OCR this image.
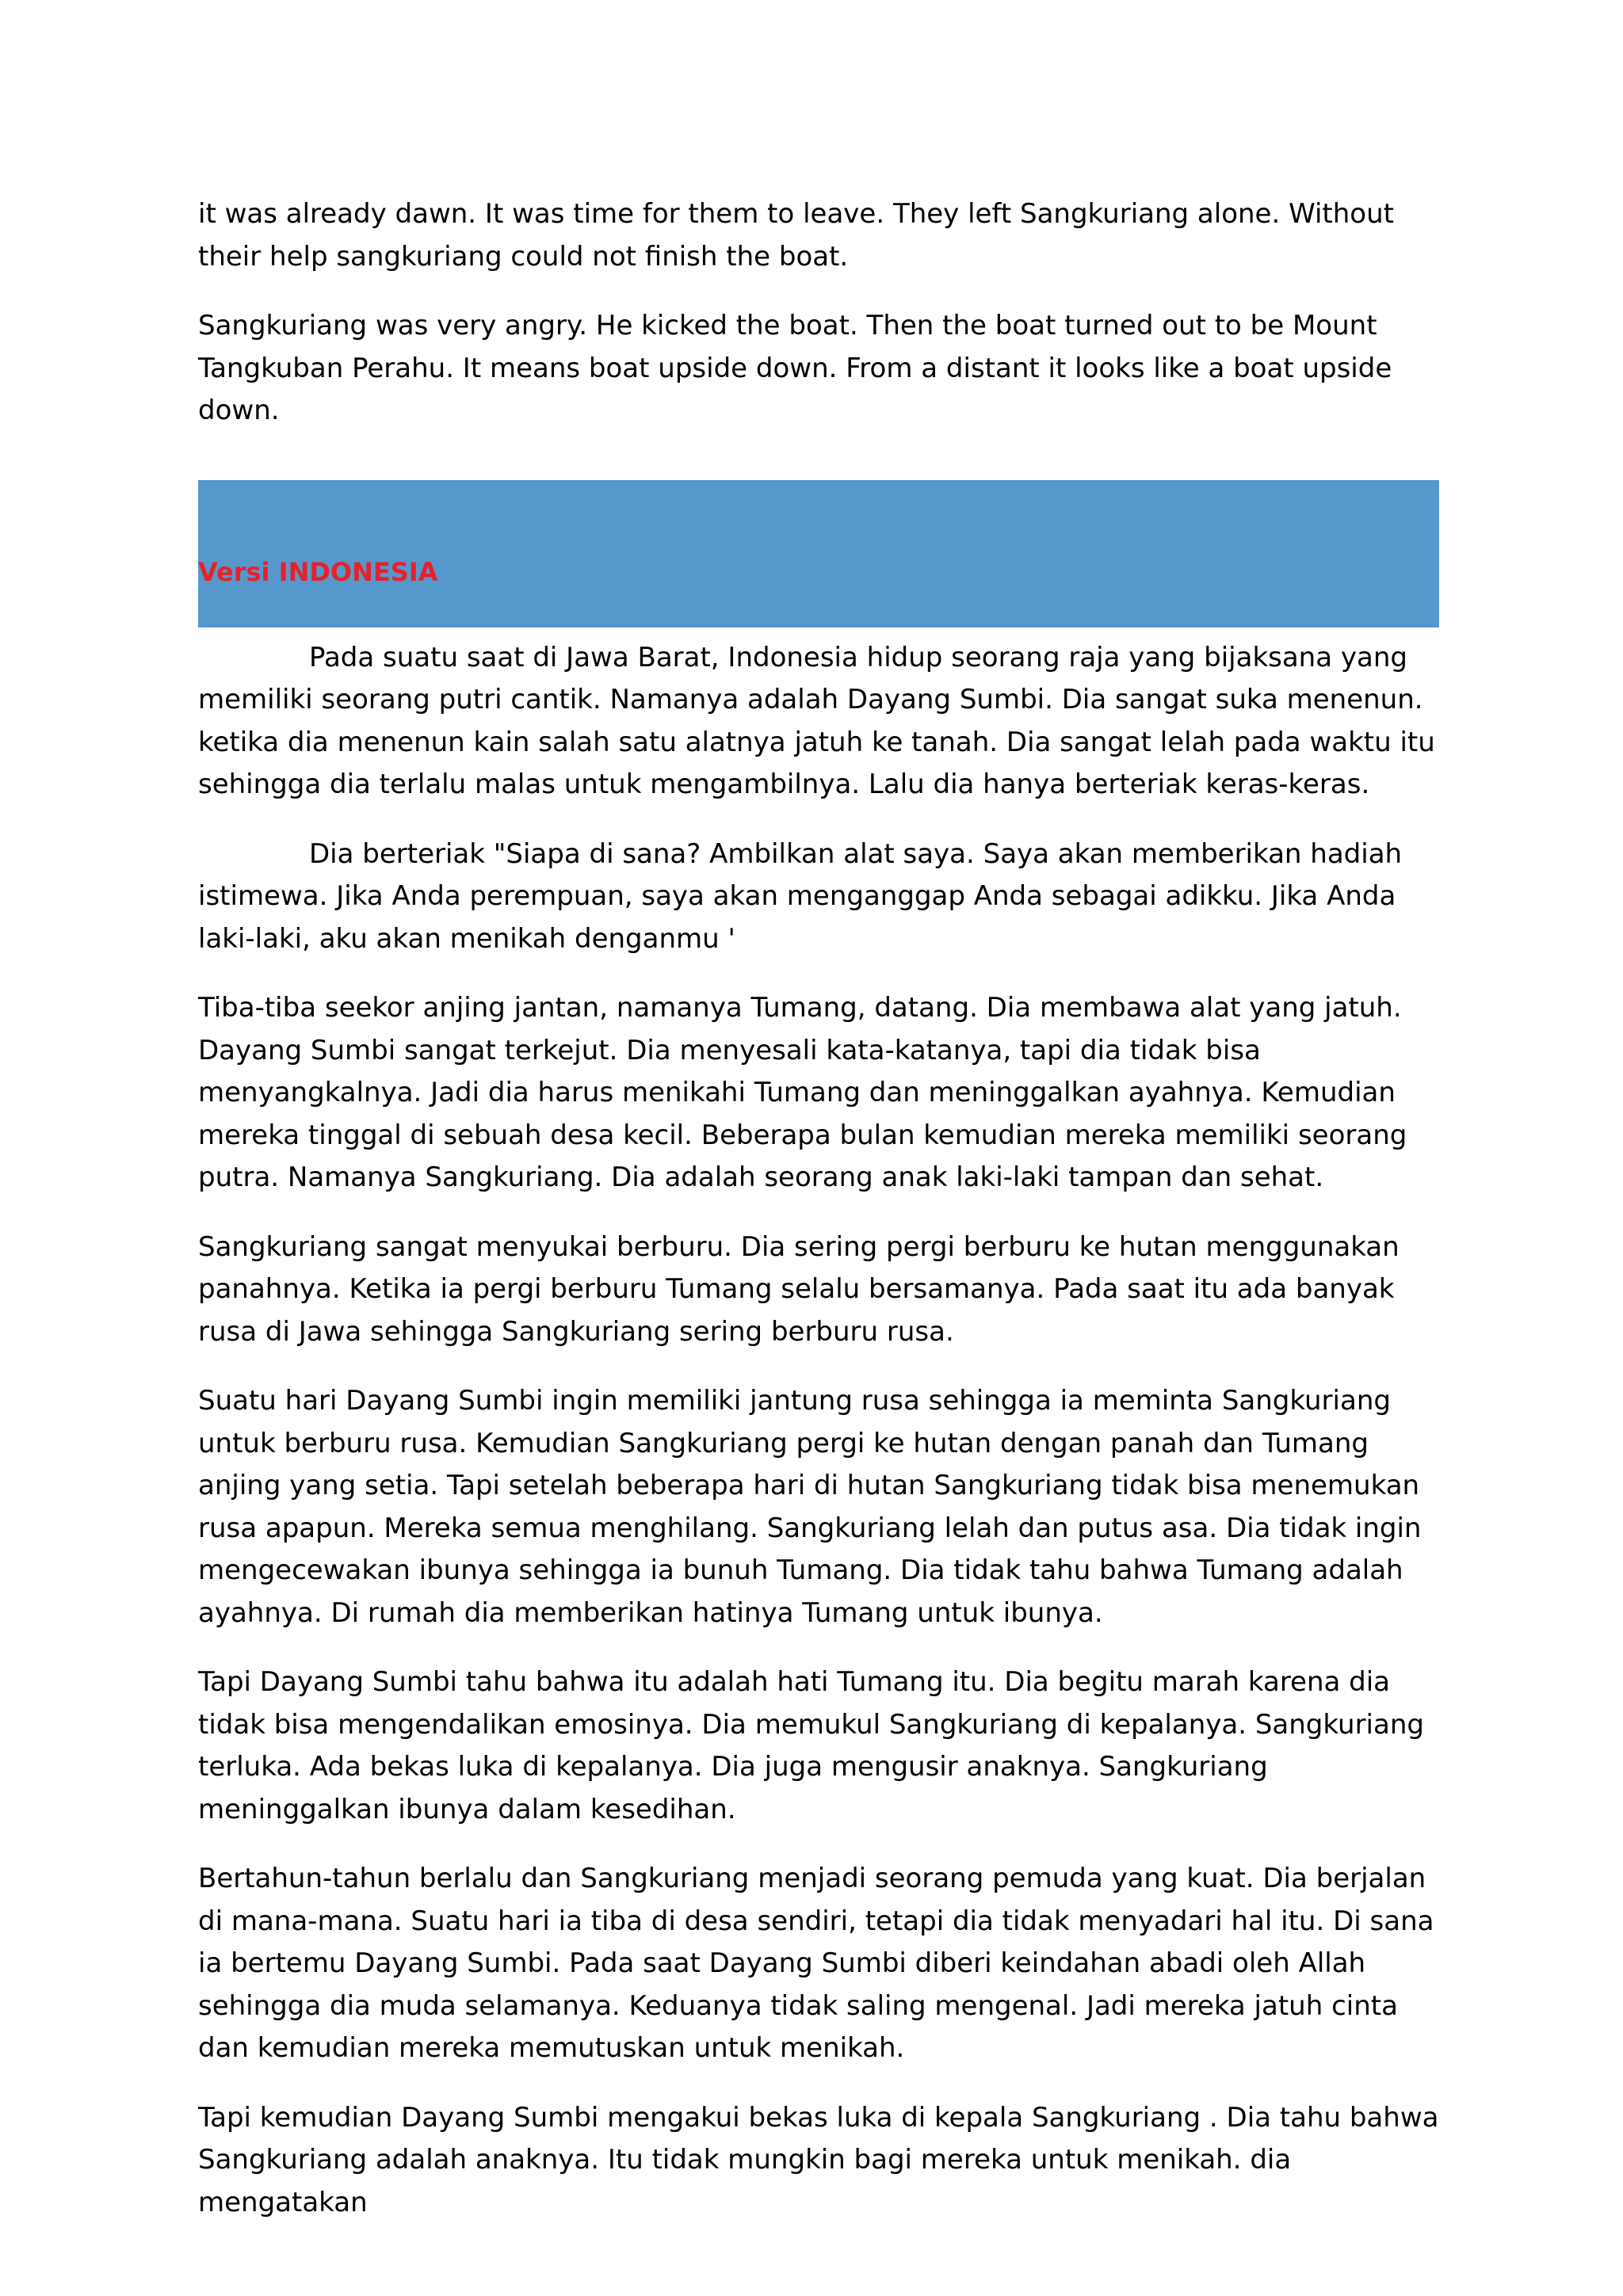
it was already dawn. It was time for them to leave. They left Sangkuriang alone. Without their help sangkuriang could not finish the boat.

Sangkuriang was very angry. He kicked the boat. Then the boat turned out to be Mount Tangkuban Perahu. It means boat upside down. From a distant it looks like a boat upside down.

Versi INDONESIA

Pada suatu saat di Jawa Barat, Indonesia hidup seorang raja yang bijaksana yang memiliki seorang putri cantik. Namanya adalah Dayang Sumbi. Dia sangat suka menenun. ketika dia menenun kain salah satu alatnya jatuh ke tanah. Dia sangat lelah pada waktu itu sehingga dia terlalu malas untuk mengambilnya. Lalu dia hanya berteriak keras-keras.

Dia berteriak "Siapa di sana? Ambilkan alat saya. Saya akan memberikan hadiah istimewa. Jika Anda perempuan, saya akan menganggap Anda sebagai adikku. Jika Anda laki-laki, aku akan menikah denganmu '

Tiba-tiba seekor anjing jantan, namanya Tumang, datang. Dia membawa alat yang jatuh. Dayang Sumbi sangat terkejut. Dia menyesali kata-katanya, tapi dia tidak bisa menyangkalnya. Jadi dia harus menikahi Tumang dan meninggalkan ayahnya. Kemudian mereka tinggal di sebuah desa kecil. Beberapa bulan kemudian mereka memiliki seorang putra. Namanya Sangkuriang. Dia adalah seorang anak laki-laki tampan dan sehat.

Sangkuriang sangat menyukai berburu. Dia sering pergi berburu ke hutan menggunakan panahnya. Ketika ia pergi berburu Tumang selalu bersamanya. Pada saat itu ada banyak rusa di Jawa sehingga Sangkuriang sering berburu rusa.

Suatu hari Dayang Sumbi ingin memiliki jantung rusa sehingga ia meminta Sangkuriang untuk berburu rusa. Kemudian Sangkuriang pergi ke hutan dengan panah dan Tumang anjing yang setia. Tapi setelah beberapa hari di hutan Sangkuriang tidak bisa menemukan rusa apapun. Mereka semua menghilang. Sangkuriang lelah dan putus asa. Dia tidak ingin mengecewakan ibunya sehingga ia bunuh Tumang. Dia tidak tahu bahwa Tumang adalah ayahnya. Di rumah dia memberikan hatinya Tumang untuk ibunya.

Tapi Dayang Sumbi tahu bahwa itu adalah hati Tumang itu. Dia begitu marah karena dia tidak bisa mengendalikan emosinya. Dia memukul Sangkuriang di kepalanya. Sangkuriang terluka. Ada bekas luka di kepalanya. Dia juga mengusir anaknya. Sangkuriang meninggalkan ibunya dalam kesedihan.

Bertahun-tahun berlalu dan Sangkuriang menjadi seorang pemuda yang kuat. Dia berjalan di mana-mana. Suatu hari ia tiba di desa sendiri, tetapi dia tidak menyadari hal itu. Di sana ia bertemu Dayang Sumbi. Pada saat Dayang Sumbi diberi keindahan abadi oleh Allah sehingga dia muda selamanya. Keduanya tidak saling mengenal. Jadi mereka jatuh cinta dan kemudian mereka memutuskan untuk menikah.

Tapi kemudian Dayang Sumbi mengakui bekas luka di kepala Sangkuriang . Dia tahu bahwa Sangkuriang adalah anaknya. Itu tidak mungkin bagi mereka untuk menikah. dia mengatakan
